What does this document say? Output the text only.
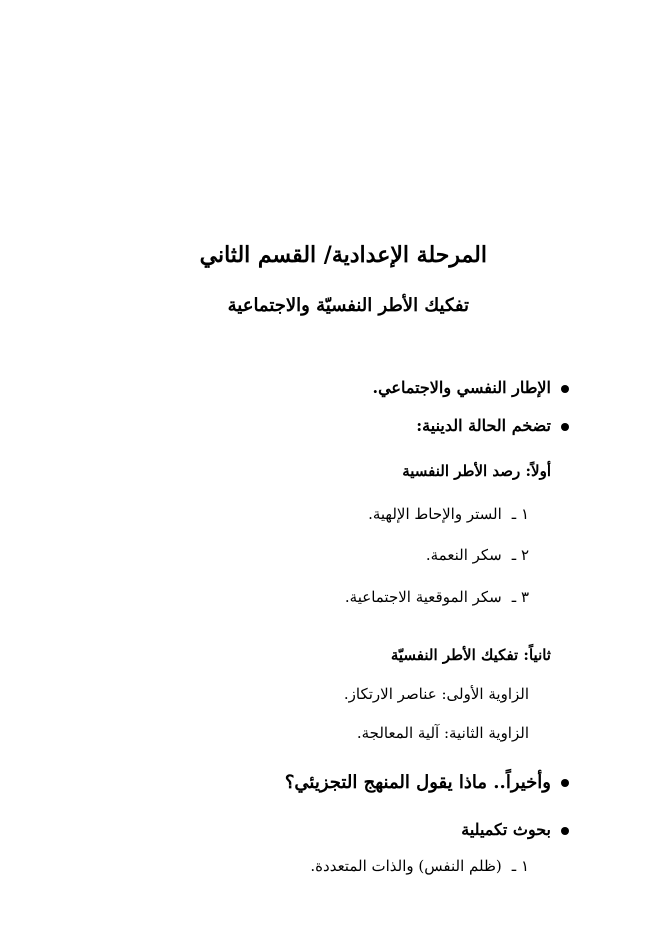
المرحلة الإعدادية/ القسم الثاني
تفكيك الأطر النفسيّة والاجتماعية
الإطار النفسي والاجتماعي.
تضخم الحالة الدينية:
أولاً: رصد الأطر النفسية
١ ـالستر والإحاط الإلهية.
٢ ـسكر النعمة.
٣ ـسكر الموقعية الاجتماعية.
ثانياً: تفكيك الأطر النفسيّة
الزاوية الأولى: عناصر الارتكاز.
الزاوية الثانية: آلية المعالجة.
وأخيراً.. ماذا يقول المنهج التجزيئي؟
بحوث تكميلية
١ ـ(ظلم النفس) والذات المتعددة.
